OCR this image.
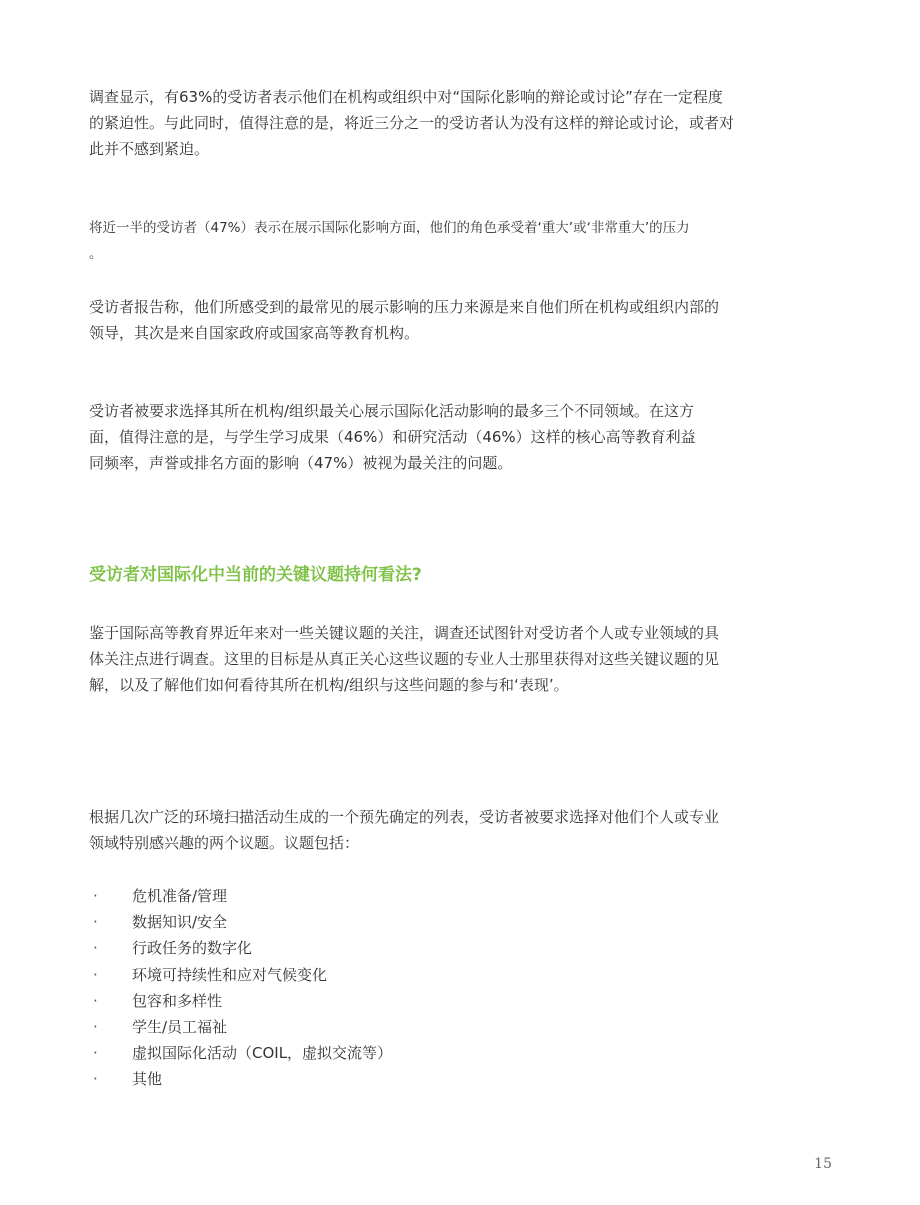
调查显示，有63%的受访者表示他们在机构或组织中对“国际化影响的辩论或讨论”存在一定程度
的紧迫性。与此同时，值得注意的是，将近三分之一的受访者认为没有这样的辩论或讨论，或者对
此并不感到紧迫。

将近一半的受访者（47%）表示在展示国际化影响方面，他们的角色承受着‘重大’或‘非常重大’的压力
。

受访者报告称，他们所感受到的最常见的展示影响的压力来源是来自他们所在机构或组织内部的
领导，其次是来自国家政府或国家高等教育机构。

受访者被要求选择其所在机构/组织最关心展示国际化活动影响的最多三个不同领域。在这方
面，值得注意的是，与学生学习成果（46%）和研究活动（46%）这样的核心高等教育利益
同频率，声誉或排名方面的影响（47%）被视为最关注的问题。

受访者对国际化中当前的关键议题持何看法?

鉴于国际高等教育界近年来对一些关键议题的关注，调查还试图针对受访者个人或专业领域的具
体关注点进行调查。这里的目标是从真正关心这些议题的专业人士那里获得对这些关键议题的见
解，以及了解他们如何看待其所在机构/组织与这些问题的参与和‘表现’。

根据几次广泛的环境扫描活动生成的一个预先确定的列表，受访者被要求选择对他们个人或专业
领域特别感兴趣的两个议题。议题包括：

· 危机准备/管理
· 数据知识/安全
· 行政任务的数字化
· 环境可持续性和应对气候变化
· 包容和多样性
· 学生/员工福祉
· 虚拟国际化活动（COIL，虚拟交流等）
· 其他
15
